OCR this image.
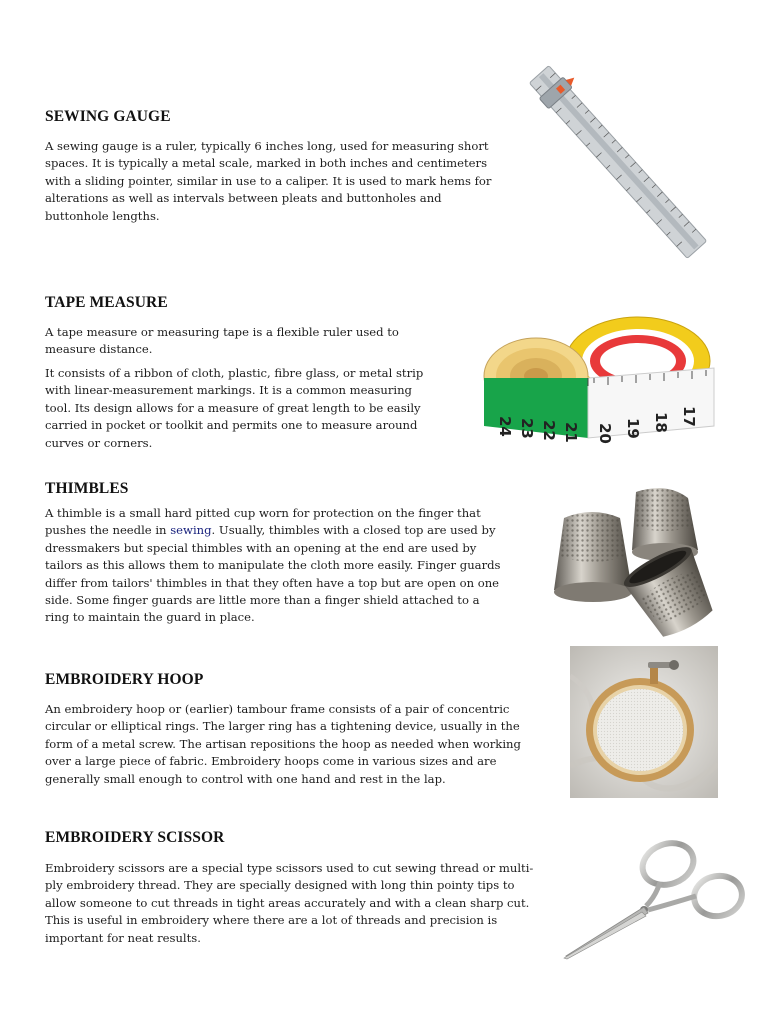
SEWING GAUGE

A sewing gauge is a ruler, typically 6 inches long, used for measuring short spaces. It is typically a metal scale, marked in both inches and centimeters with a sliding pointer, similar in use to a caliper. It is used to mark hems for alterations as well as intervals between pleats and buttonholes and buttonhole lengths.

TAPE MEASURE

A tape measure or measuring tape is a flexible ruler used to measure distance.

It consists of a ribbon of cloth, plastic, fibre glass, or metal strip with linear-measurement markings. It is a common measuring tool. Its design allows for a measure of great length to be easily carried in pocket or toolkit and permits one to measure around curves or corners.

24 23 22 21 20 19 18 17
THIMBLES

A thimble is a small hard pitted cup worn for protection on the finger that pushes the needle in sewing. Usually, thimbles with a closed top are used by dressmakers but special thimbles with an opening at the end are used by tailors as this allows them to manipulate the cloth more easily. Finger guards differ from tailors' thimbles in that they often have a top but are open on one side. Some finger guards are little more than a finger shield attached to a ring to maintain the guard in place.

EMBROIDERY HOOP

An embroidery hoop or (earlier) tambour frame consists of a pair of concentric circular or elliptical rings. The larger ring has a tightening device, usually in the form of a metal screw. The artisan repositions the hoop as needed when working over a large piece of fabric. Embroidery hoops come in various sizes and are generally small enough to control with one hand and rest in the lap.

EMBROIDERY SCISSOR

Embroidery scissors are a special type scissors used to cut sewing thread or multi-ply embroidery thread. They are specially designed with long thin pointy tips to allow someone to cut threads in tight areas accurately and with a clean sharp cut. This is useful in embroidery where there are a lot of threads and precision is important for neat results.
